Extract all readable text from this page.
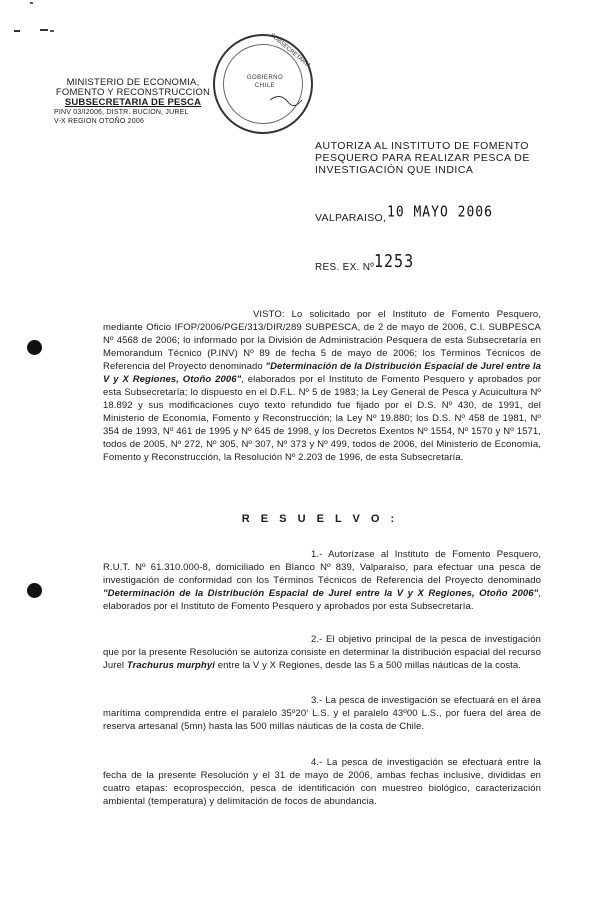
MINISTERIO DE ECONOMIA,
FOMENTO Y RECONSTRUCCION
SUBSECRETARIA DE PESCA
PINV 03/I2006, DISTR. BUCION, JUREL
V-X REGION OTOÑO 2006
GOBIERNO
CHILE
SUBSECRETARIA
AUTORIZA AL INSTITUTO DE FOMENTO PESQUERO PARA REALIZAR PESCA DE INVESTIGACIÓN QUE INDICA
VALPARAISO, 10 MAYO 2006
RES. EX. Nº 1253
VISTO: Lo solicitado por el Instituto de Fomento Pesquero, mediante Oficio IFOP/2006/PGE/313/DIR/289 SUBPESCA, de 2 de mayo de 2006, C.I. SUBPESCA Nº 4568 de 2006; lo informado por la División de Administración Pesquera de esta Subsecretaría en Memorandum Técnico (P.INV) Nº 89 de fecha 5 de mayo de 2006; los Términos Técnicos de Referencia del Proyecto denominado "Determinación de la Distribución Espacial de Jurel entre la V y X Regiones, Otoño 2006", elaborados por el Instituto de Fomento Pesquero y aprobados por esta Subsecretaría; lo dispuesto en el D.F.L. Nº 5 de 1983; la Ley General de Pesca y Acuicultura Nº 18.892 y sus modificaciones cuyo texto refundido fue fijado por el D.S. Nº 430, de 1991, del Ministerio de Economía, Fomento y Reconstrucción; la Ley Nº 19.880; los D.S. Nº 458 de 1981, Nº 354 de 1993, Nº 461 de 1995 y Nº 645 de 1998, y los Decretos Exentos Nº 1554, Nº 1570 y Nº 1571, todos de 2005, Nº 272, Nº 305, Nº 307, Nº 373 y Nº 499, todos de 2006, del Ministerio de Economía, Fomento y Reconstrucción, la Resolución Nº 2.203 de 1996, de esta Subsecretaría.
R E S U E L V O :
1.- Autorízase al Instituto de Fomento Pesquero, R.U.T. Nº 61.310.000-8, domiciliado en Blanco Nº 839, Valparaíso, para efectuar una pesca de investigación de conformidad con los Términos Técnicos de Referencia del Proyecto denominado "Determinación de la Distribución Espacial de Jurel entre la V y X Regiones, Otoño 2006", elaborados por el Instituto de Fomento Pesquero y aprobados por esta Subsecretaría.
2.- El objetivo principal de la pesca de investigación que por la presente Resolución se autoriza consiste en determinar la distribución espacial del recurso Jurel Trachurus murphyi entre la V y X Regiones, desde las 5 a 500 millas náuticas de la costa.
3.- La pesca de investigación se efectuará en el área marítima comprendida entre el paralelo 35º20' L.S. y el paralelo 43º00 L.S., por fuera del área de reserva artesanal (5mn) hasta las 500 millas náuticas de la costa de Chile.
4.- La pesca de investigación se efectuará entre la fecha de la presente Resolución y el 31 de mayo de 2006, ambas fechas inclusive, divididas en cuatro etapas: ecoprospección, pesca de identificación con muestreo biológico, caracterización ambiental (temperatura) y delimitación de focos de abundancia.
